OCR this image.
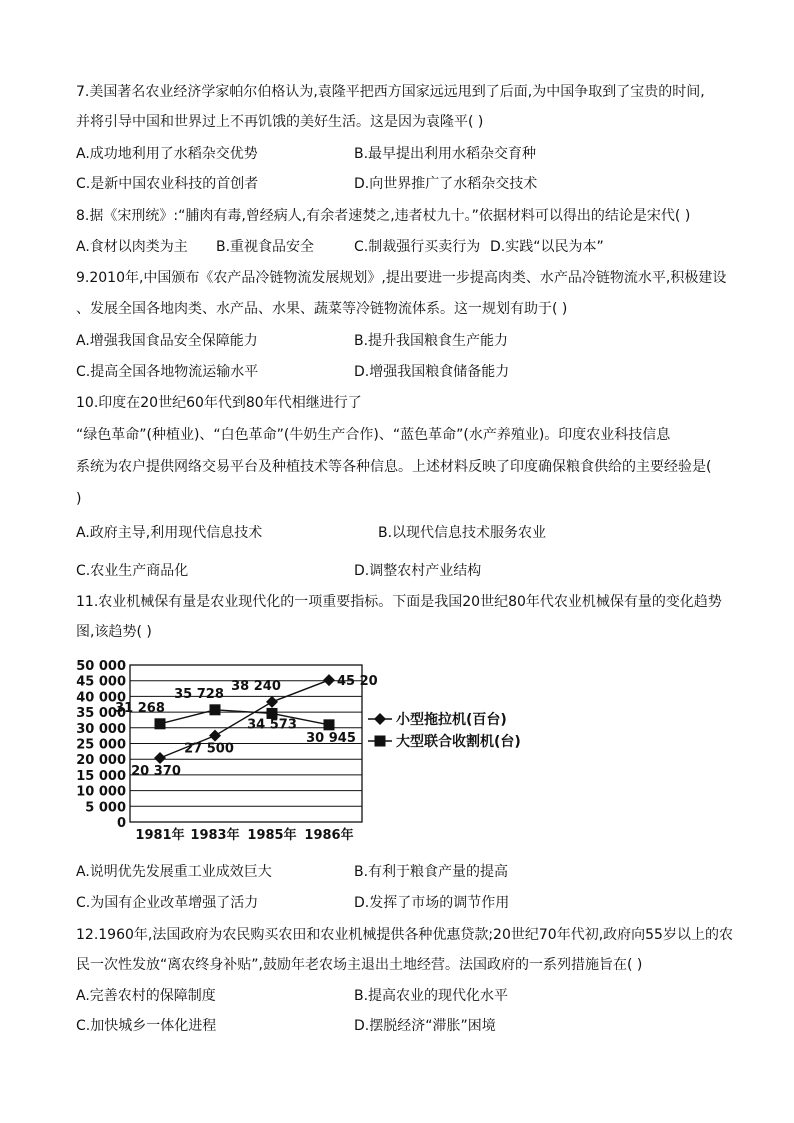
7.美国著名农业经济学家帕尔伯格认为,袁隆平把西方国家远远甩到了后面,为中国争取到了宝贵的时间,
并将引导中国和世界过上不再饥饿的美好生活。这是因为袁隆平( )
A.成功地利用了水稻杂交优势	B.最早提出利用水稻杂交育种
C.是新中国农业科技的首创者	D.向世界推广了水稻杂交技术
8.据《宋刑统》:“脯肉有毒,曾经病人,有余者速焚之,违者杖九十。”依据材料可以得出的结论是宋代( )
A.食材以肉类为主 B.重视食品安全	C.制裁强行买卖行为 D.实践“以民为本”
9.2010年,中国颁布《农产品冷链物流发展规划》,提出要进一步提高肉类、水产品冷链物流水平,积极建设
、发展全国各地肉类、水产品、水果、蔬菜等冷链物流体系。这一规划有助于( )
A.增强我国食品安全保障能力	B.提升我国粮食生产能力
C.提高全国各地物流运输水平	D.增强我国粮食储备能力
10.印度在20世纪60年代到80年代相继进行了
“绿色革命”(种植业)、“白色革命”(牛奶生产合作)、“蓝色革命”(水产养殖业)。印度农业科技信息
系统为农户提供网络交易平台及种植技术等各种信息。上述材料反映了印度确保粮食供给的主要经验是(
)
A.政府主导,利用现代信息技术	B.以现代信息技术服务农业
C.农业生产商品化	D.调整农村产业结构
11.农业机械保有量是农业现代化的一项重要指标。下面是我国20世纪80年代农业机械保有量的变化趋势
图,该趋势( )
50 000
45 000
40 000
35 000
30 000
25 000
20 000
15 000
10 000
5 000
0
1981年 1983年 1985年 1986年
20 370
27 500
38 240	45 20
31 268
35 728
34 573
30 945
小型拖拉机(百台)
大型联合收割机(台)
A.说明优先发展重工业成效巨大	B.有利于粮食产量的提高
C.为国有企业改革增强了活力	D.发挥了市场的调节作用
12.1960年,法国政府为农民购买农田和农业机械提供各种优惠贷款;20世纪70年代初,政府向55岁以上的农
民一次性发放“离农终身补贴”,鼓励年老农场主退出土地经营。法国政府的一系列措施旨在( )
A.完善农村的保障制度	B.提高农业的现代化水平
C.加快城乡一体化进程	D.摆脱经济“滞胀”困境
